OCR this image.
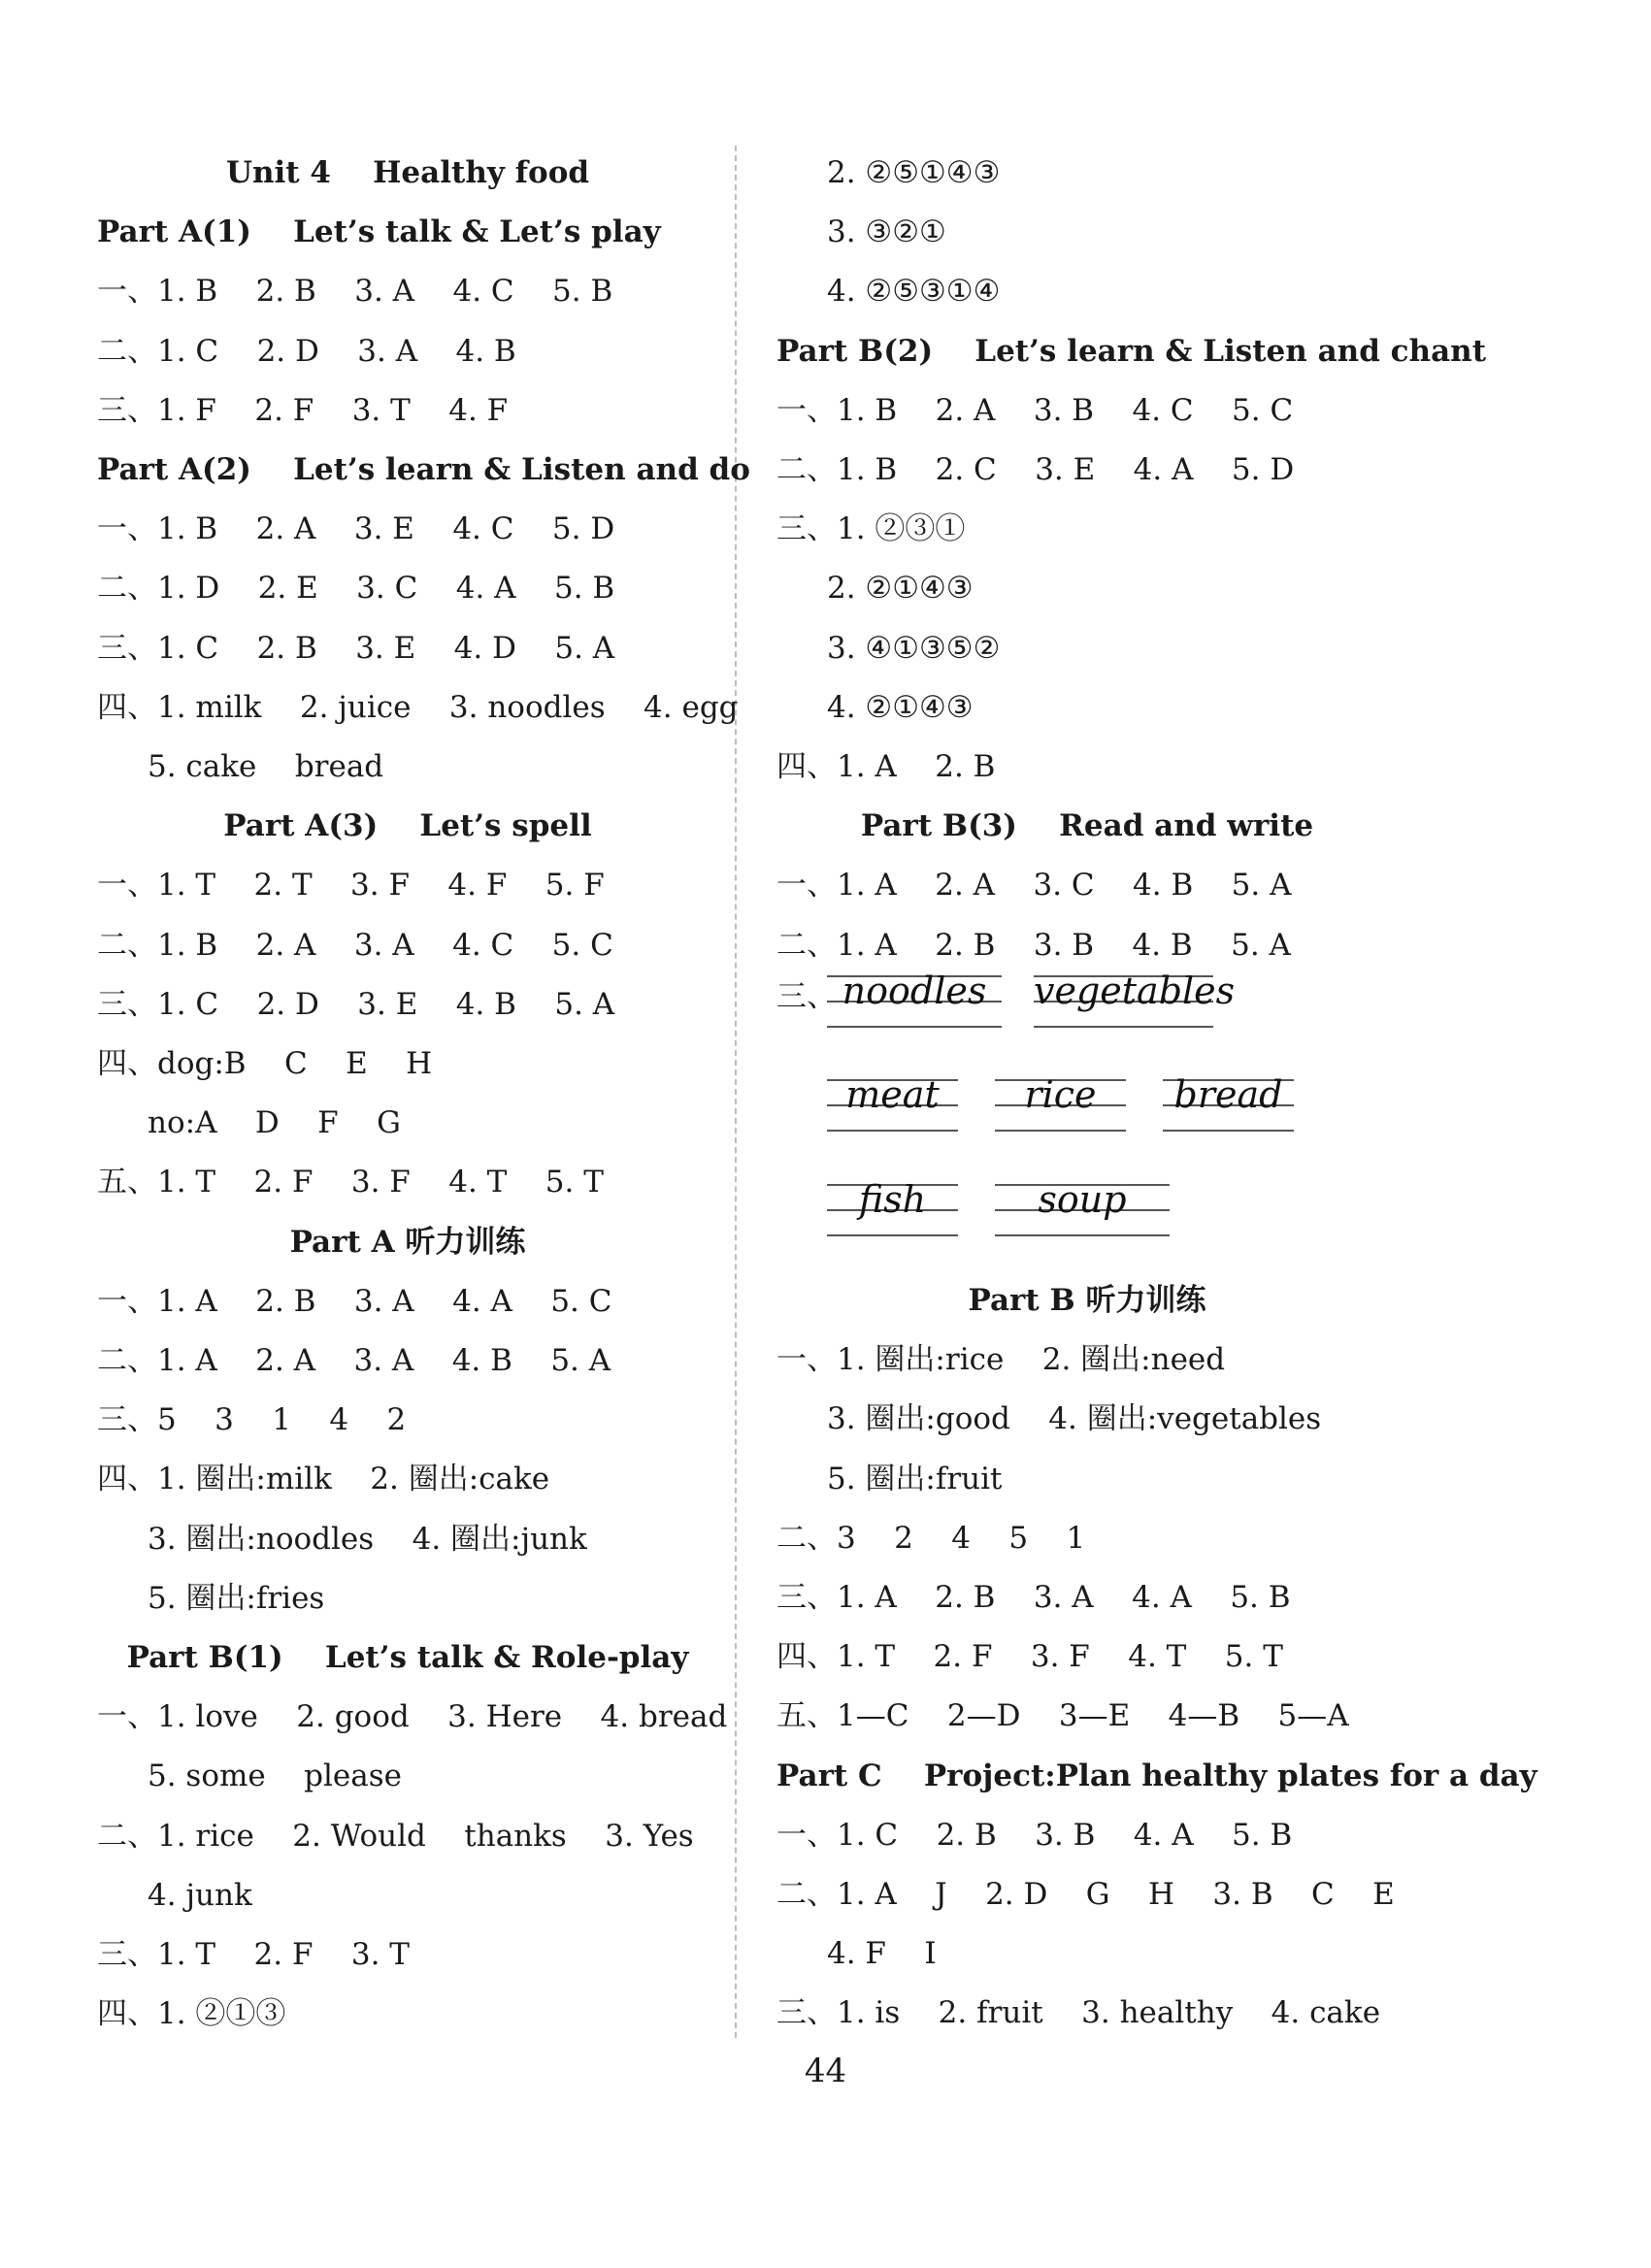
Unit 4    Healthy food
Part A(1)    Let’s talk & Let’s play
一、1. B    2. B    3. A    4. C    5. B
二、1. C    2. D    3. A    4. B
三、1. F    2. F    3. T    4. F
Part A(2)    Let’s learn & Listen and do
一、1. B    2. A    3. E    4. C    5. D
二、1. D    2. E    3. C    4. A    5. B
三、1. C    2. B    3. E    4. D    5. A
四、1. milk    2. juice    3. noodles    4. egg
5. cake    bread
Part A(3)    Let’s spell
一、1. T    2. T    3. F    4. F    5. F
二、1. B    2. A    3. A    4. C    5. C
三、1. C    2. D    3. E    4. B    5. A
四、dog:B    C    E    H
no:A    D    F    G
五、1. T    2. F    3. F    4. T    5. T
Part A 听力训练
一、1. A    2. B    3. A    4. A    5. C
二、1. A    2. A    3. A    4. B    5. A
三、5    3    1    4    2
四、1. 圈出:milk    2. 圈出:cake
3. 圈出:noodles    4. 圈出:junk
5. 圈出:fries
Part B(1)    Let’s talk & Role-play
一、1. love    2. good    3. Here    4. bread
5. some    please
二、1. rice    2. Would    thanks    3. Yes
4. junk
三、1. T    2. F    3. T
四、1. ②①③
2. ②⑤①④③
3. ③②①
4. ②⑤③①④
Part B(2)    Let’s learn & Listen and chant
一、1. B    2. A    3. B    4. C    5. C
二、1. B    2. C    3. E    4. A    5. D
三、1. ②③①
2. ②①④③
3. ④①③⑤②
4. ②①④③
四、1. A    2. B
Part B(3)    Read and write
一、1. A    2. A    3. C    4. B    5. A
二、1. A    2. B    3. B    4. B    5. A
三、 noodles	vegetables
meat	rice	bread
fish	soup
Part B 听力训练
一、1. 圈出:rice    2. 圈出:need
3. 圈出:good    4. 圈出:vegetables
5. 圈出:fruit
二、3    2    4    5    1
三、1. A    2. B    3. A    4. A    5. B
四、1. T    2. F    3. F    4. T    5. T
五、1—C    2—D    3—E    4—B    5—A
Part C    Project:Plan healthy plates for a day
一、1. C    2. B    3. B    4. A    5. B
二、1. A    J    2. D    G    H    3. B    C    E
4. F    I
三、1. is    2. fruit    3. healthy    4. cake
44
